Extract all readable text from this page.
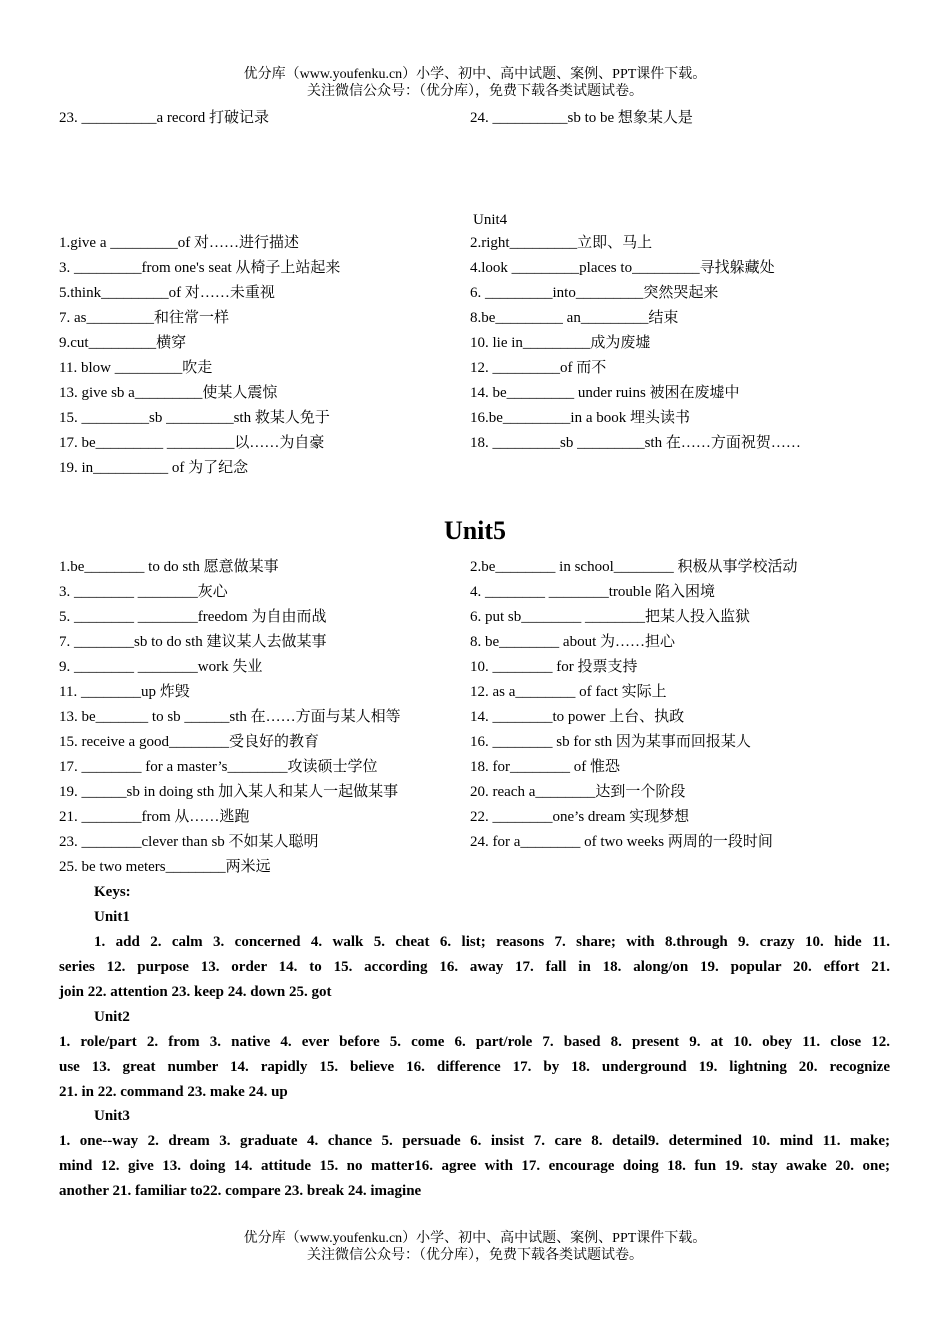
优分库（www.youfenku.cn）小学、初中、高中试题、案例、PPT课件下载。
关注微信公众号：（优分库），免费下载各类试题试卷。
23. __________a record 打破记录	24. __________sb to be 想象某人是
Unit4
1.give a _________of 对……进行描述	2.right_________立即、马上
3. _________from one's seat 从椅子上站起来	4.look _________places to_________寻找躲藏处
5.think_________of 对……未重视	6. _________into_________突然哭起来
7. as_________和往常一样	8.be_________ an_________结束
9.cut_________横穿	10. lie in_________成为废墟
11. blow _________吹走	12. _________of 而不
13. give sb a_________使某人震惊	14. be_________ under ruins 被困在废墟中
15. _________sb _________sth 救某人免于	16.be_________in a book 埋头读书
17. be_________ _________以……为自豪	18. _________sb _________sth 在……方面祝贺……
19. in__________ of 为了纪念
Unit5
1.be________ to do sth 愿意做某事	2.be________ in school________ 积极从事学校活动
3. ________ ________灰心	4. ________ ________trouble 陷入困境
5. ________ ________freedom 为自由而战	6. put sb________ ________把某人投入监狱
7. ________sb to do sth 建议某人去做某事	8. be________ about 为……担心
9. ________ ________work 失业	10. ________ for 投票支持
11. ________up 炸毁	12. as a________ of fact 实际上
13. be_______ to sb ______sth 在……方面与某人相等	14. ________to power 上台、执政
15. receive a good________受良好的教育	16. ________ sb for sth 因为某事而回报某人
17. ________ for a master’s________攻读硕士学位	18. for________ of 惟恐
19. ______sb in doing sth 加入某人和某人一起做某事	20. reach a________达到一个阶段
21. ________from 从……逃跑	22. ________one’s dream 实现梦想
23. ________clever than sb 不如某人聪明	24. for a________ of two weeks 两周的一段时间
25. be two meters________两米远
Keys:
Unit1
1. add 2. calm 3. concerned 4. walk 5. cheat 6. list; reasons 7. share; with 8.through 9. crazy 10. hide 11.
series 12. purpose 13. order 14. to 15. according 16. away 17. fall in 18. along/on 19. popular 20. effort 21.
join 22. attention 23. keep 24. down 25. got
Unit2
1. role/part 2. from 3. native 4. ever before 5. come 6. part/role 7. based 8. present 9. at 10. obey 11. close 12.
use 13. great number 14. rapidly 15. believe 16. difference 17. by 18. underground 19. lightning 20. recognize
21. in 22. command 23. make 24. up
Unit3
1. one--way 2. dream 3. graduate 4. chance 5. persuade 6. insist 7. care 8. detail9. determined 10. mind 11. make;
mind 12. give 13. doing 14. attitude 15. no matter16. agree with 17. encourage doing 18. fun 19. stay awake 20. one;
another 21. familiar to22. compare 23. break 24. imagine
优分库（www.youfenku.cn）小学、初中、高中试题、案例、PPT课件下载。
关注微信公众号：（优分库），免费下载各类试题试卷。
